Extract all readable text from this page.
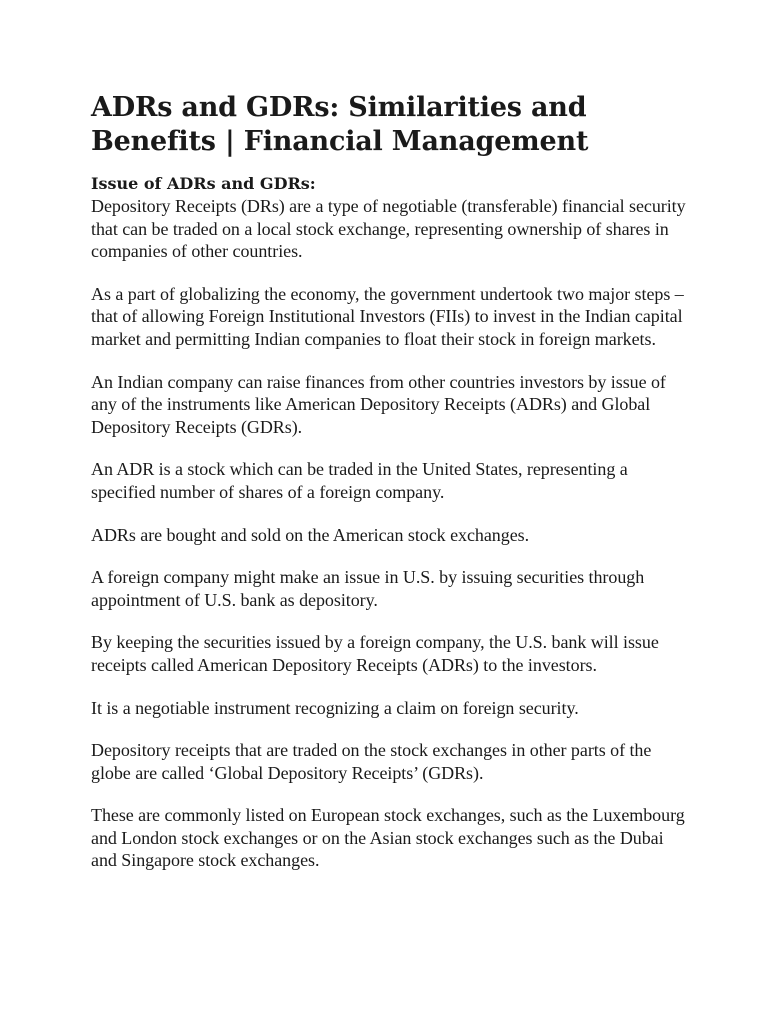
ADRs and GDRs: Similarities and Benefits | Financial Management
Issue of ADRs and GDRs:

Depository Receipts (DRs) are a type of negotiable (transferable) financial security that can be traded on a local stock exchange, representing ownership of shares in companies of other countries.

As a part of globalizing the economy, the government undertook two major steps – that of allowing Foreign Institutional Investors (FIIs) to invest in the Indian capital market and permitting Indian companies to float their stock in foreign markets.

An Indian company can raise finances from other countries investors by issue of any of the instruments like American Depository Receipts (ADRs) and Global Depository Receipts (GDRs).

An ADR is a stock which can be traded in the United States, representing a specified number of shares of a foreign company.

ADRs are bought and sold on the American stock exchanges.

A foreign company might make an issue in U.S. by issuing securities through appointment of U.S. bank as depository.

By keeping the securities issued by a foreign company, the U.S. bank will issue receipts called American Depository Receipts (ADRs) to the investors.

It is a negotiable instrument recognizing a claim on foreign security.

Depository receipts that are traded on the stock exchanges in other parts of the globe are called ‘Global Depository Receipts’ (GDRs).

These are commonly listed on European stock exchanges, such as the Luxembourg and London stock exchanges or on the Asian stock exchanges such as the Dubai and Singapore stock exchanges.
